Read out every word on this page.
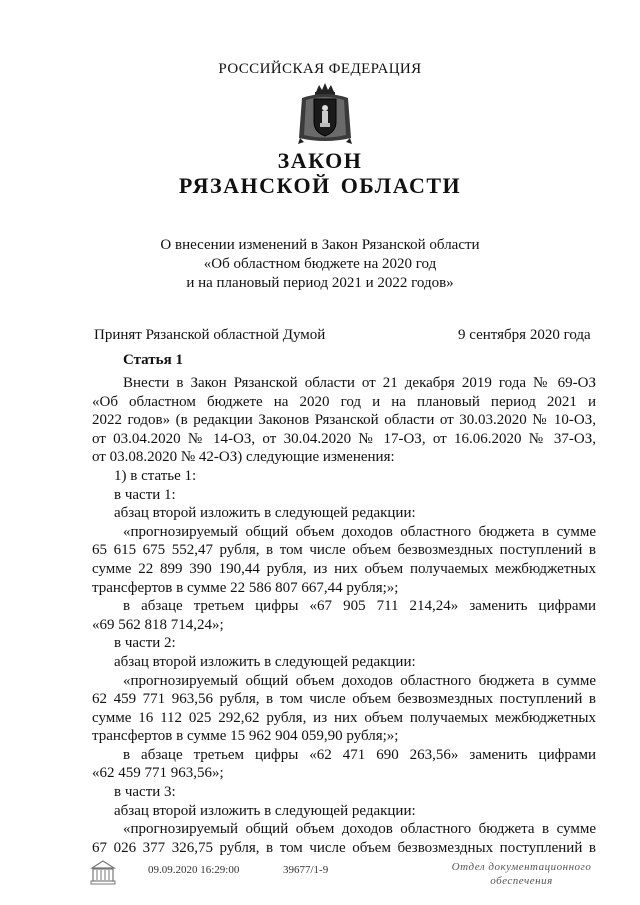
РОССИЙСКАЯ ФЕДЕРАЦИЯ
ЗАКОН
РЯЗАНСКОЙ ОБЛАСТИ
О внесении изменений в Закон Рязанской области
«Об областном бюджете на 2020 год
и на плановый период 2021 и 2022 годов»
Принят Рязанской областной Думой	9 сентября 2020 года
Статья 1
Внести в Закон Рязанской области от 21 декабря 2019 года № 69-ОЗ
«Об областном бюджете на 2020 год и на плановый период 2021 и
2022 годов» (в редакции Законов Рязанской области от 30.03.2020 № 10-ОЗ,
от 03.04.2020 № 14-ОЗ, от 30.04.2020 № 17-ОЗ, от 16.06.2020 № 37-ОЗ,
от 03.08.2020 № 42-ОЗ) следующие изменения:
1) в статье 1:
в части 1:
абзац второй изложить в следующей редакции:
«прогнозируемый общий объем доходов областного бюджета в сумме
65 615 675 552,47 рубля, в том числе объем безвозмездных поступлений в
сумме 22 899 390 190,44 рубля, из них объем получаемых межбюджетных
трансфертов в сумме 22 586 807 667,44 рубля;»;
в абзаце третьем цифры «67 905 711 214,24» заменить цифрами
«69 562 818 714,24»;
в части 2:
абзац второй изложить в следующей редакции:
«прогнозируемый общий объем доходов областного бюджета в сумме
62 459 771 963,56 рубля, в том числе объем безвозмездных поступлений в
сумме 16 112 025 292,62 рубля, из них объем получаемых межбюджетных
трансфертов в сумме 15 962 904 059,90 рубля;»;
в абзаце третьем цифры «62 471 690 263,56» заменить цифрами
«62 459 771 963,56»;
в части 3:
абзац второй изложить в следующей редакции:
«прогнозируемый общий объем доходов областного бюджета в сумме
67 026 377 326,75 рубля, в том числе объем безвозмездных поступлений в
09.09.2020 16:29:00	39677/1-9	Отдел документационного
обеспечения
